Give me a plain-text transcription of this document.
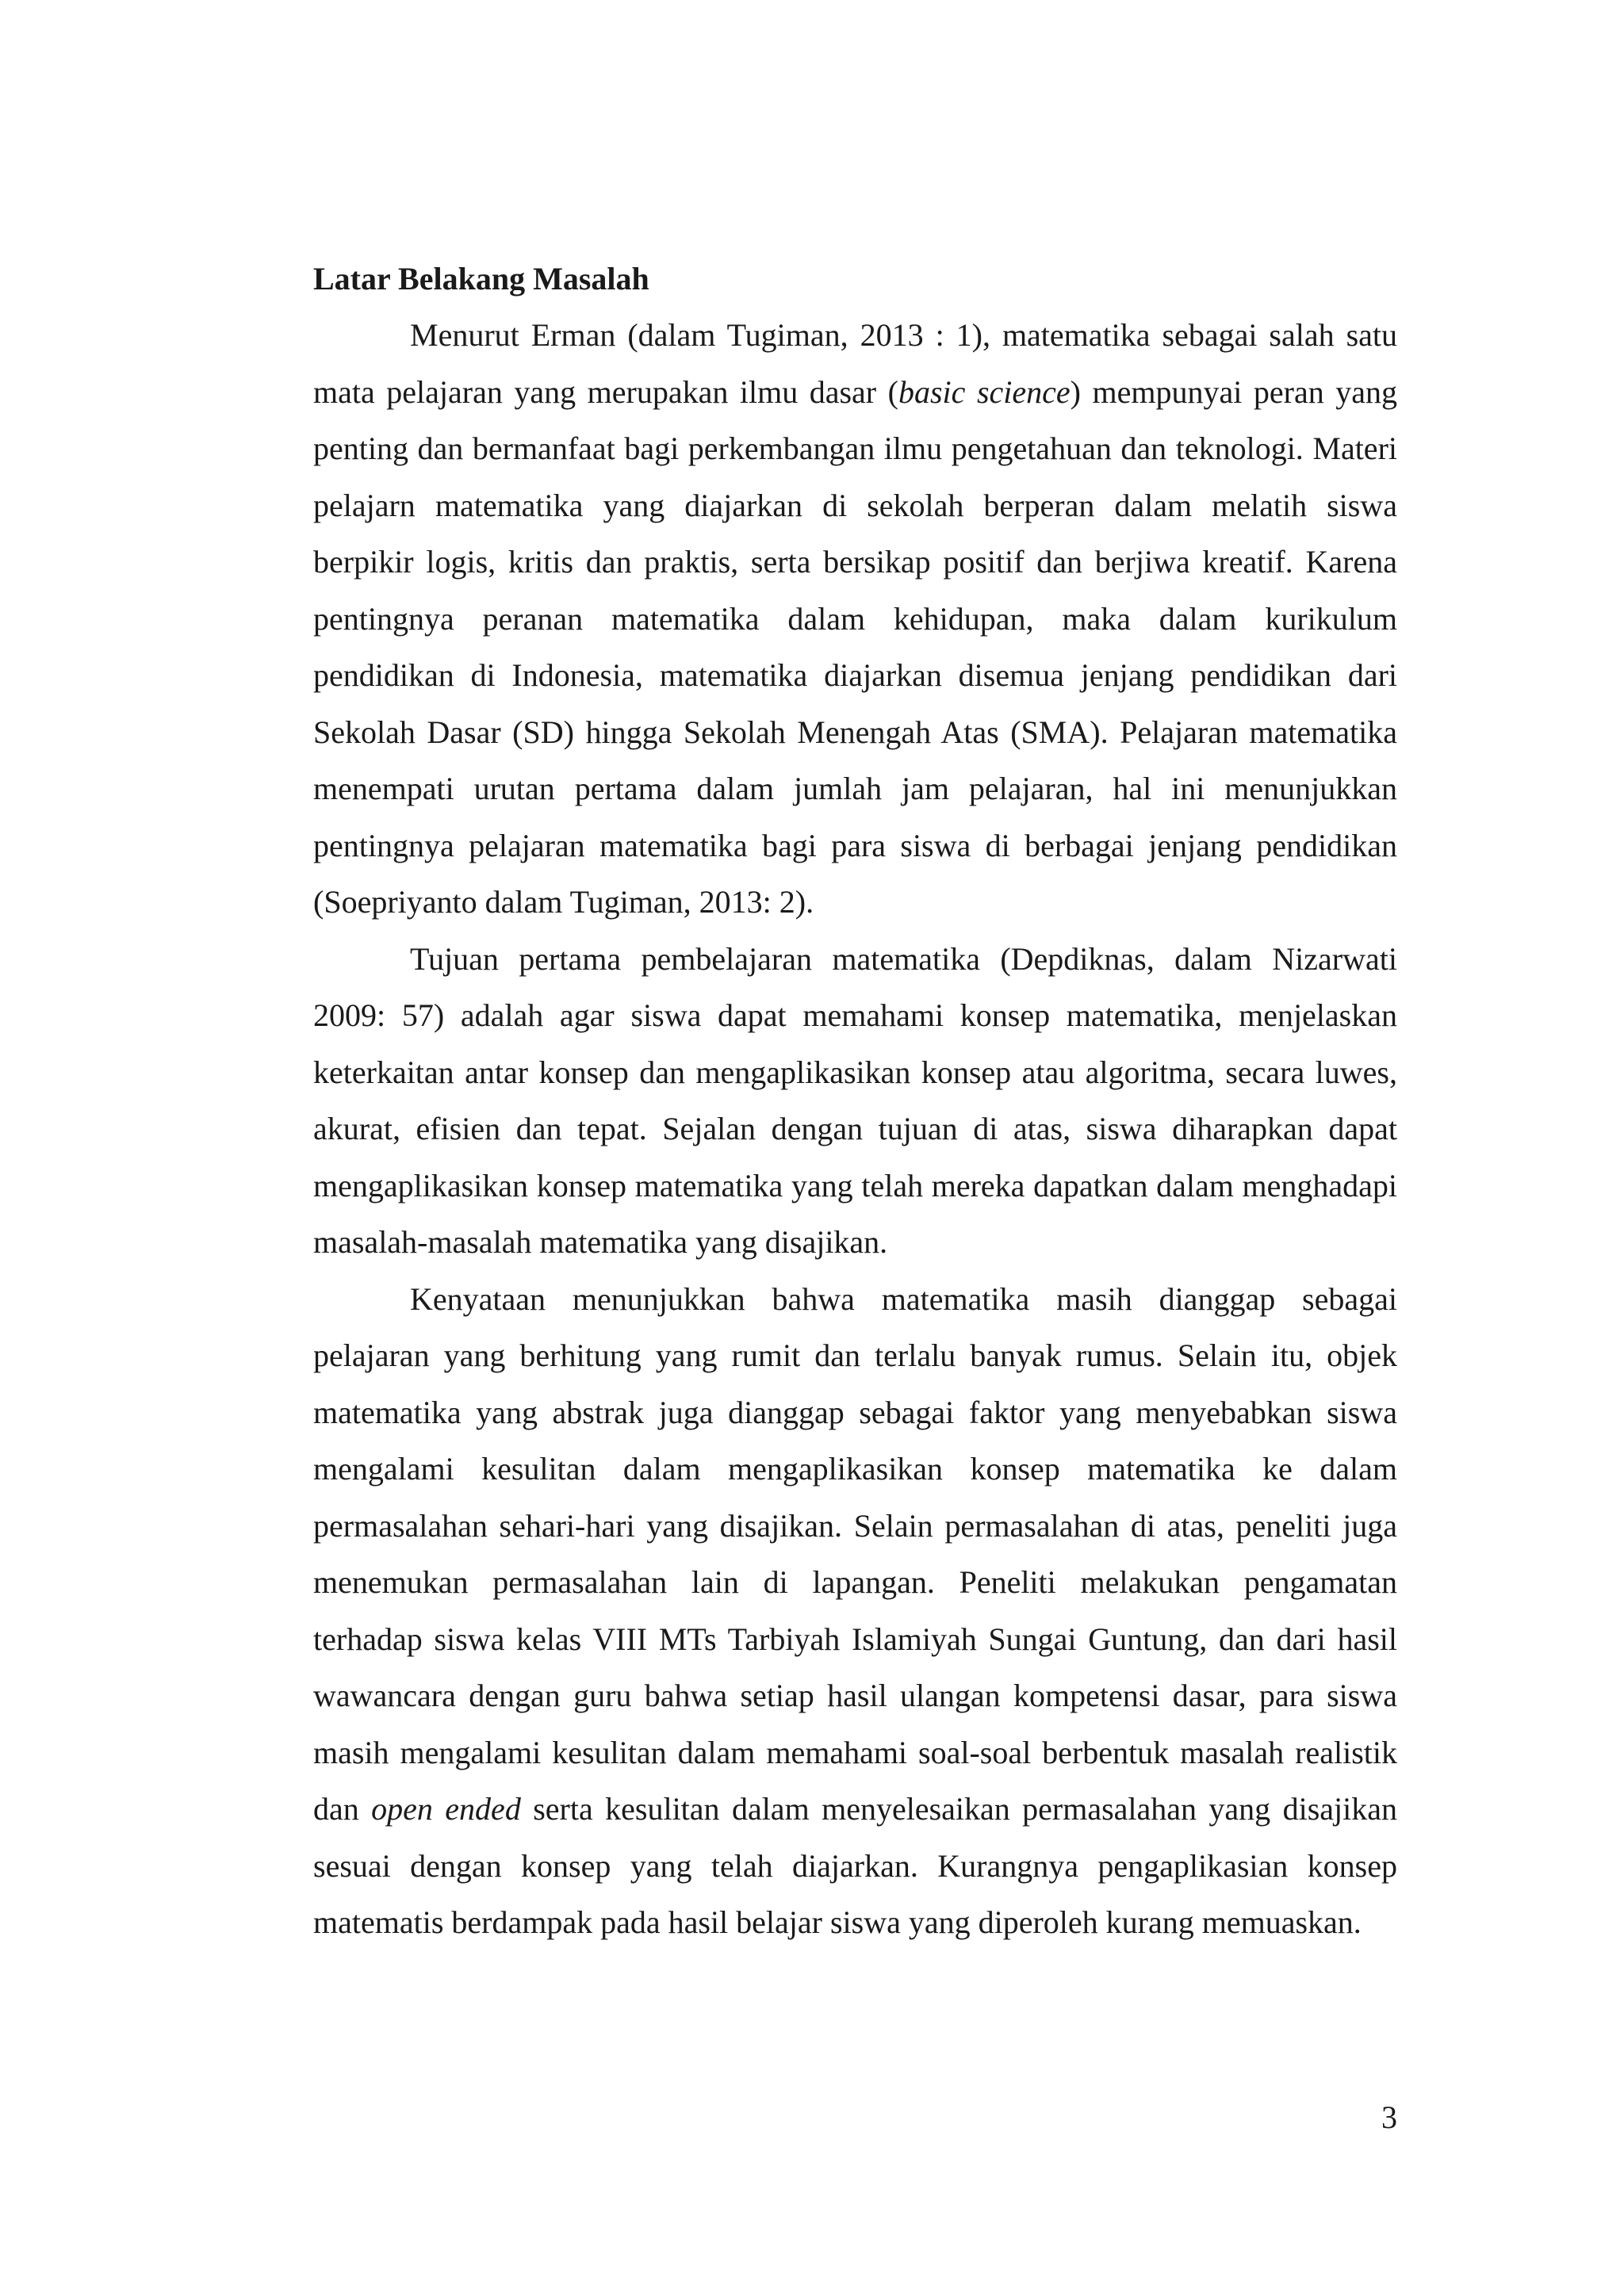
Latar Belakang Masalah

Menurut Erman (dalam Tugiman, 2013 : 1), matematika sebagai salah satu mata pelajaran yang merupakan ilmu dasar (basic science) mempunyai peran yang penting dan bermanfaat bagi perkembangan ilmu pengetahuan dan teknologi. Materi pelajarn matematika yang diajarkan di sekolah berperan dalam melatih siswa berpikir logis, kritis dan praktis, serta bersikap positif dan berjiwa kreatif. Karena pentingnya peranan matematika dalam kehidupan, maka dalam kurikulum pendidikan di Indonesia, matematika diajarkan disemua jenjang pendidikan dari Sekolah Dasar (SD) hingga Sekolah Menengah Atas (SMA). Pelajaran matematika menempati urutan pertama dalam jumlah jam pelajaran, hal ini menunjukkan pentingnya pelajaran matematika bagi para siswa di berbagai jenjang pendidikan (Soepriyanto dalam Tugiman, 2013: 2).

Tujuan pertama pembelajaran matematika (Depdiknas, dalam Nizarwati 2009: 57) adalah agar siswa dapat memahami konsep matematika, menjelaskan keterkaitan antar konsep dan mengaplikasikan konsep atau algoritma, secara luwes, akurat, efisien dan tepat. Sejalan dengan tujuan di atas, siswa diharapkan dapat mengaplikasikan konsep matematika yang telah mereka dapatkan dalam menghadapi masalah-masalah matematika yang disajikan.

Kenyataan menunjukkan bahwa matematika masih dianggap sebagai pelajaran yang berhitung yang rumit dan terlalu banyak rumus. Selain itu, objek matematika yang abstrak juga dianggap sebagai faktor yang menyebabkan siswa mengalami kesulitan dalam mengaplikasikan konsep matematika ke dalam permasalahan sehari-hari yang disajikan. Selain permasalahan di atas, peneliti juga menemukan permasalahan lain di lapangan. Peneliti melakukan pengamatan terhadap siswa kelas VIII MTs Tarbiyah Islamiyah Sungai Guntung, dan dari hasil wawancara dengan guru bahwa setiap hasil ulangan kompetensi dasar, para siswa masih mengalami kesulitan dalam memahami soal-soal berbentuk masalah realistik dan open ended serta kesulitan dalam menyelesaikan permasalahan yang disajikan sesuai dengan konsep yang telah diajarkan. Kurangnya pengaplikasian konsep matematis berdampak pada hasil belajar siswa yang diperoleh kurang memuaskan.

3
